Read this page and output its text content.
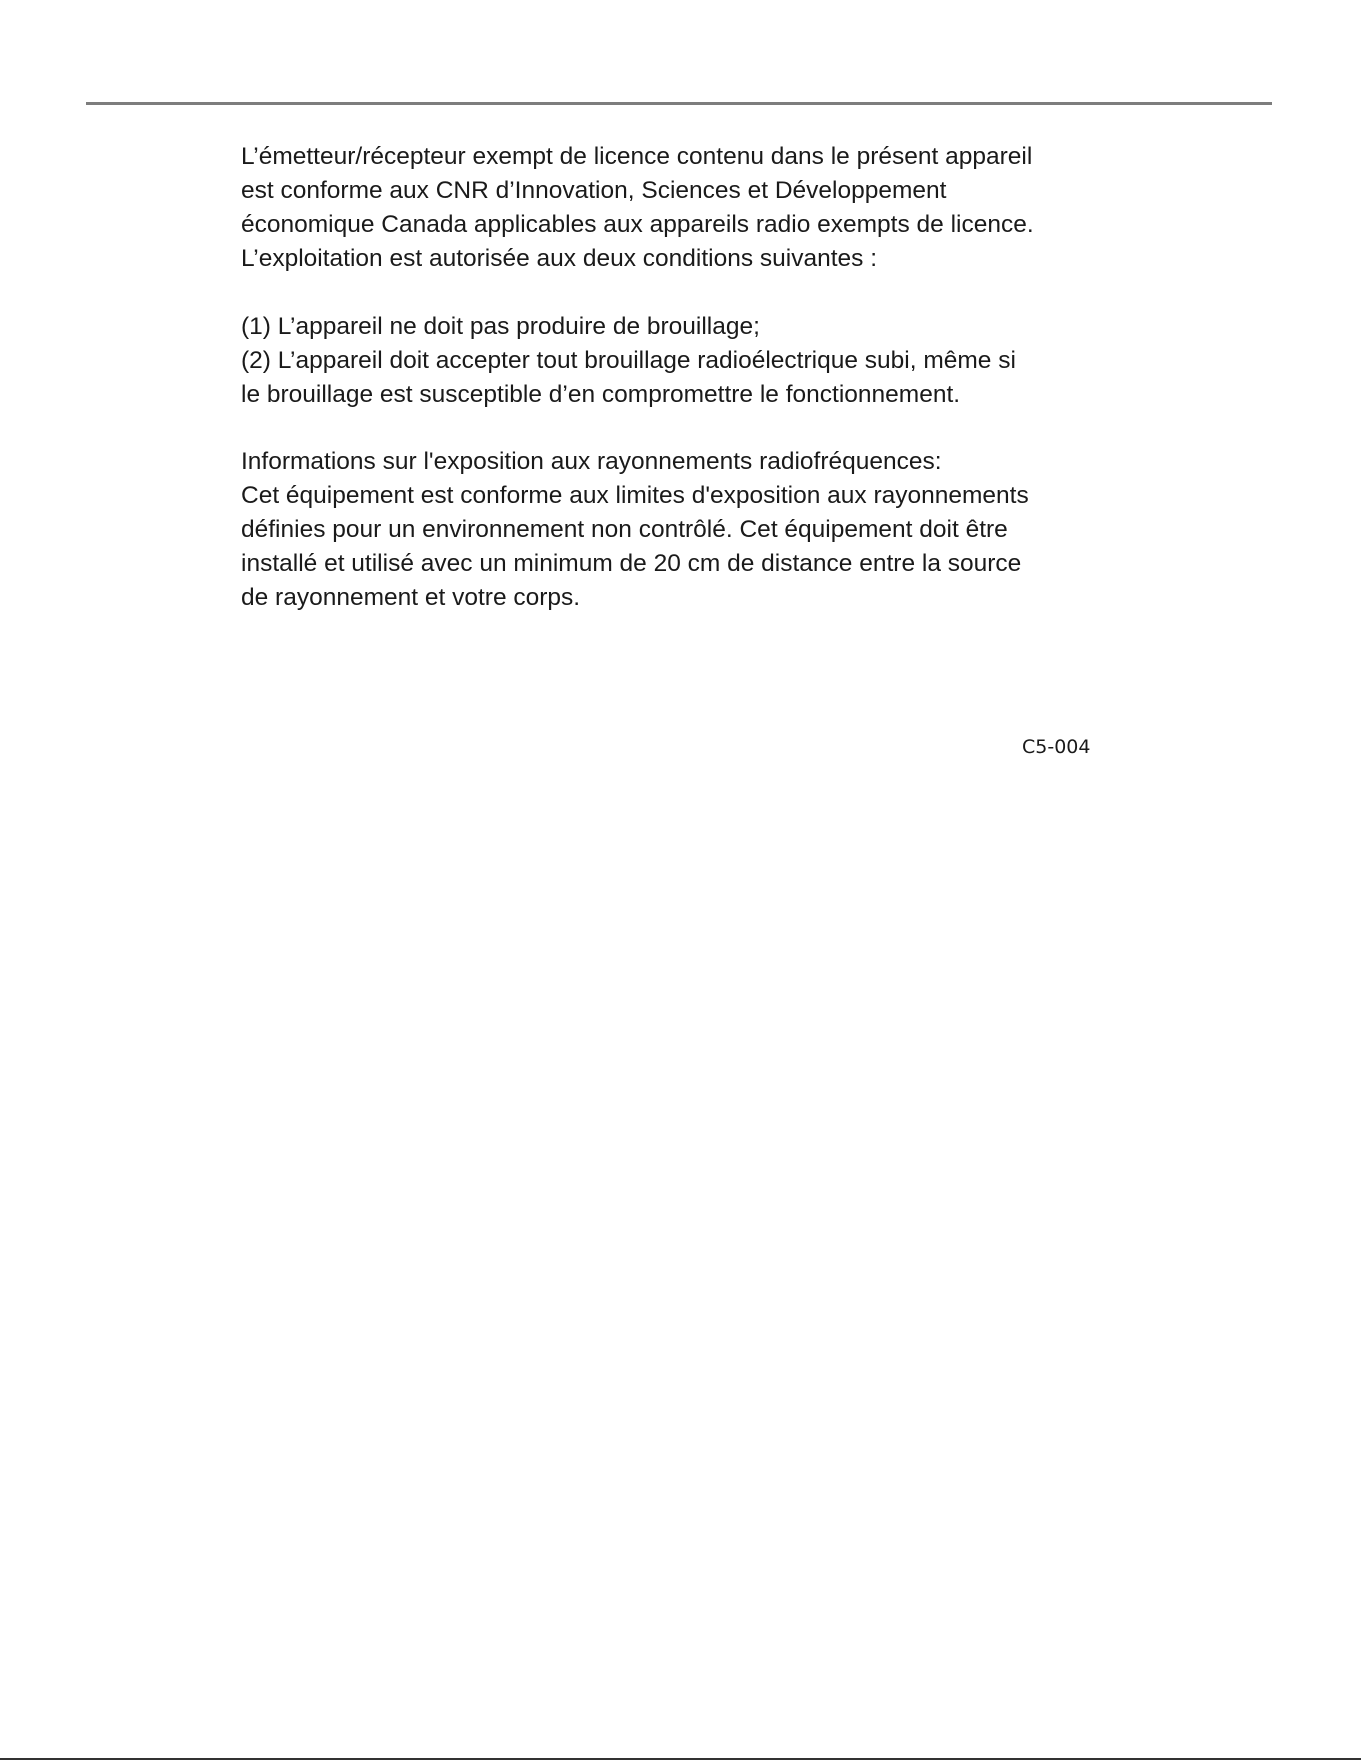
L’émetteur/récepteur exempt de licence contenu dans le présent appareil
est conforme aux CNR d’Innovation, Sciences et Développement
économique Canada applicables aux appareils radio exempts de licence.
L’exploitation est autorisée aux deux conditions suivantes :

(1) L’appareil ne doit pas produire de brouillage;
(2) L’appareil doit accepter tout brouillage radioélectrique subi, même si
le brouillage est susceptible d’en compromettre le fonctionnement.

Informations sur l'exposition aux rayonnements radiofréquences:
Cet équipement est conforme aux limites d'exposition aux rayonnements
définies pour un environnement non contrôlé. Cet équipement doit être
installé et utilisé avec un minimum de 20 cm de distance entre la source
de rayonnement et votre corps.

C5-004
